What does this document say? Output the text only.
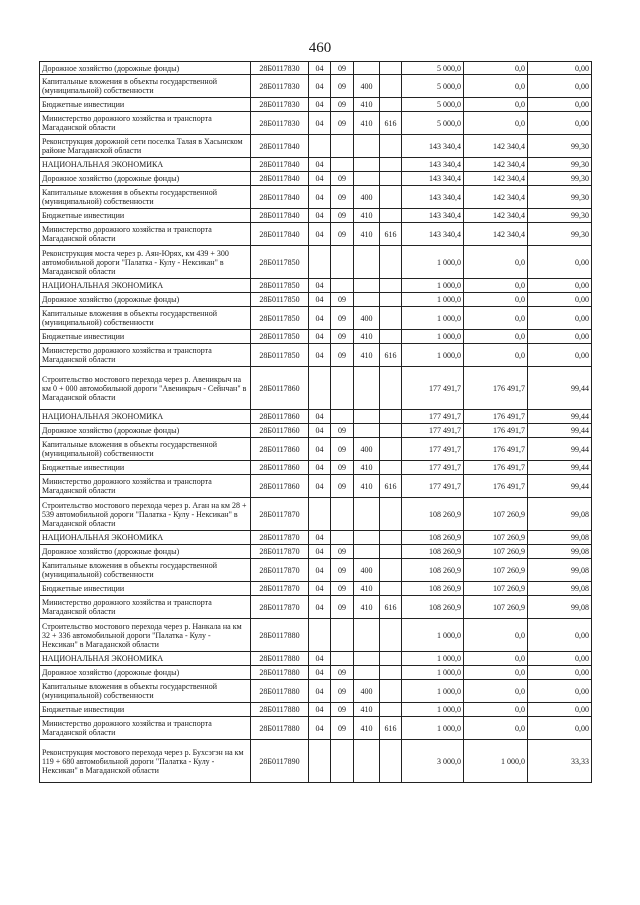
460
Дорожное хозяйство (дорожные фонды)	28Б0117830	04	09			5 000,0	0,0	0,00
Капитальные вложения в объекты государственной (муниципальной) собственности	28Б0117830	04	09	400		5 000,0	0,0	0,00
Бюджетные инвестиции	28Б0117830	04	09	410		5 000,0	0,0	0,00
Министерство дорожного хозяйства и транспорта Магаданской области	28Б0117830	04	09	410	616	5 000,0	0,0	0,00
Реконструкция дорожной сети поселка Талая в Хасынском районе Магаданской области	28Б0117840					143 340,4	142 340,4	99,30
НАЦИОНАЛЬНАЯ ЭКОНОМИКА	28Б0117840	04				143 340,4	142 340,4	99,30
Дорожное хозяйство (дорожные фонды)	28Б0117840	04	09			143 340,4	142 340,4	99,30
Капитальные вложения в объекты государственной (муниципальной) собственности	28Б0117840	04	09	400		143 340,4	142 340,4	99,30
Бюджетные инвестиции	28Б0117840	04	09	410		143 340,4	142 340,4	99,30
Министерство дорожного хозяйства и транспорта Магаданской области	28Б0117840	04	09	410	616	143 340,4	142 340,4	99,30
Реконструкция моста через р. Аян-Юрях, км 439 + 300 автомобильной дороги "Палатка - Кулу - Нексикан" в Магаданской области	28Б0117850					1 000,0	0,0	0,00
НАЦИОНАЛЬНАЯ ЭКОНОМИКА	28Б0117850	04				1 000,0	0,0	0,00
Дорожное хозяйство (дорожные фонды)	28Б0117850	04	09			1 000,0	0,0	0,00
Капитальные вложения в объекты государственной (муниципальной) собственности	28Б0117850	04	09	400		1 000,0	0,0	0,00
Бюджетные инвестиции	28Б0117850	04	09	410		1 000,0	0,0	0,00
Министерство дорожного хозяйства и транспорта Магаданской области	28Б0117850	04	09	410	616	1 000,0	0,0	0,00
Строительство мостового перехода через р. Авеникрыч на км 0 + 000 автомобильной дороги "Авеникрыч - Сейнчан" в Магаданской области	28Б0117860					177 491,7	176 491,7	99,44
НАЦИОНАЛЬНАЯ ЭКОНОМИКА	28Б0117860	04				177 491,7	176 491,7	99,44
Дорожное хозяйство (дорожные фонды)	28Б0117860	04	09			177 491,7	176 491,7	99,44
Капитальные вложения в объекты государственной (муниципальной) собственности	28Б0117860	04	09	400		177 491,7	176 491,7	99,44
Бюджетные инвестиции	28Б0117860	04	09	410		177 491,7	176 491,7	99,44
Министерство дорожного хозяйства и транспорта Магаданской области	28Б0117860	04	09	410	616	177 491,7	176 491,7	99,44
Строительство мостового перехода через р. Аган на км 28 + 539 автомобильной дороги "Палатка - Кулу - Нексикан" в Магаданской области	28Б0117870					108 260,9	107 260,9	99,08
НАЦИОНАЛЬНАЯ ЭКОНОМИКА	28Б0117870	04				108 260,9	107 260,9	99,08
Дорожное хозяйство (дорожные фонды)	28Б0117870	04	09			108 260,9	107 260,9	99,08
Капитальные вложения в объекты государственной (муниципальной) собственности	28Б0117870	04	09	400		108 260,9	107 260,9	99,08
Бюджетные инвестиции	28Б0117870	04	09	410		108 260,9	107 260,9	99,08
Министерство дорожного хозяйства и транспорта Магаданской области	28Б0117870	04	09	410	616	108 260,9	107 260,9	99,08
Строительство мостового перехода через р. Нанкала на км 32 + 336 автомобильной дороги "Палатка - Кулу - Нексикан" в Магаданской области	28Б0117880					1 000,0	0,0	0,00
НАЦИОНАЛЬНАЯ ЭКОНОМИКА	28Б0117880	04				1 000,0	0,0	0,00
Дорожное хозяйство (дорожные фонды)	28Б0117880	04	09			1 000,0	0,0	0,00
Капитальные вложения в объекты государственной (муниципальной) собственности	28Б0117880	04	09	400		1 000,0	0,0	0,00
Бюджетные инвестиции	28Б0117880	04	09	410		1 000,0	0,0	0,00
Министерство дорожного хозяйства и транспорта Магаданской области	28Б0117880	04	09	410	616	1 000,0	0,0	0,00
Реконструкция мостового перехода через р. Бухсэгэн на км 119 + 680 автомобильной дороги "Палатка - Кулу - Нексикан" в Магаданской области	28Б0117890					3 000,0	1 000,0	33,33
